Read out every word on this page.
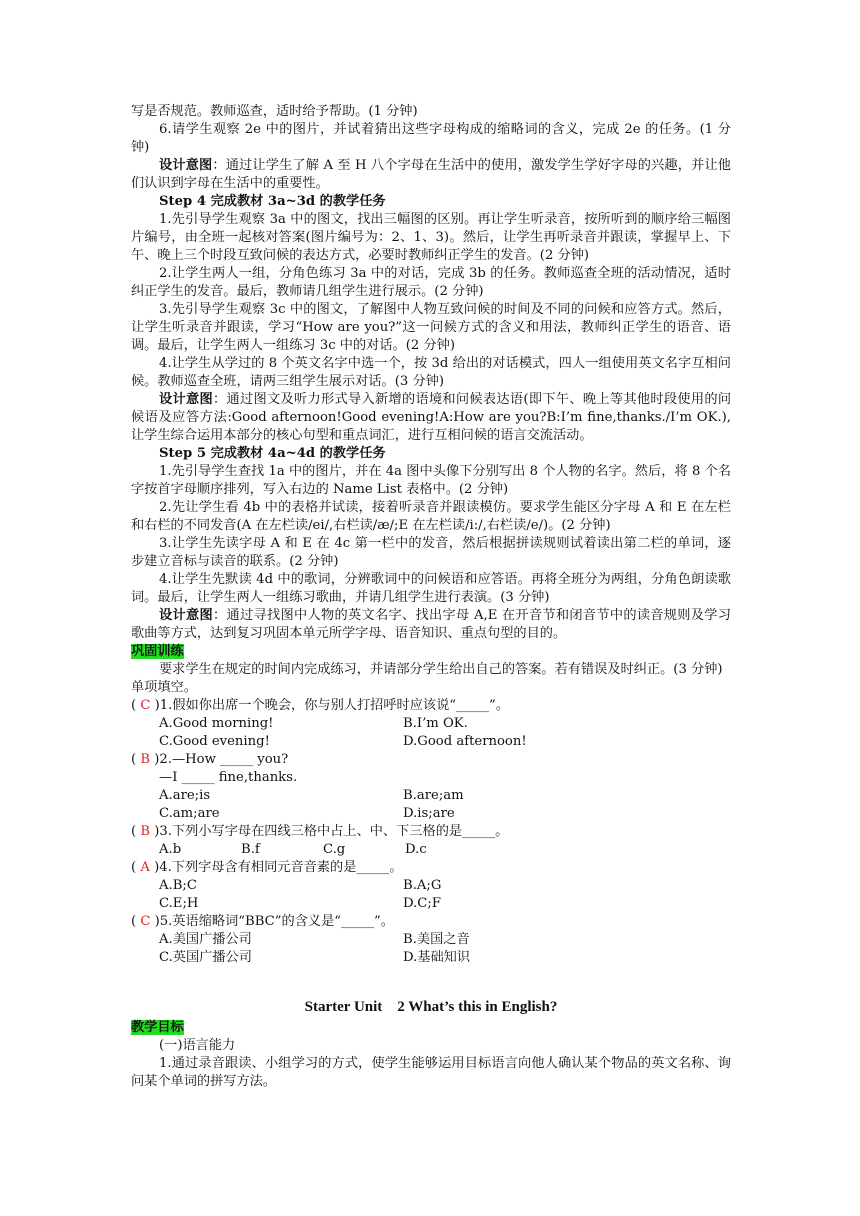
写是否规范。教师巡查，适时给予帮助。(1 分钟)

6.请学生观察 2e 中的图片，并试着猜出这些字母构成的缩略词的含义，完成 2e 的任务。(1 分钟)

设计意图：通过让学生了解 A 至 H 八个字母在生活中的使用，激发学生学好字母的兴趣，并让他们认识到字母在生活中的重要性。

Step 4 完成教材 3a~3d 的教学任务

1.先引导学生观察 3a 中的图文，找出三幅图的区别。再让学生听录音，按所听到的顺序给三幅图片编号，由全班一起核对答案(图片编号为：2、1、3)。然后，让学生再听录音并跟读，掌握早上、下午、晚上三个时段互致问候的表达方式，必要时教师纠正学生的发音。(2 分钟)

2.让学生两人一组，分角色练习 3a 中的对话，完成 3b 的任务。教师巡查全班的活动情况，适时纠正学生的发音。最后，教师请几组学生进行展示。(2 分钟)

3.先引导学生观察 3c 中的图文，了解图中人物互致问候的时间及不同的问候和应答方式。然后，让学生听录音并跟读，学习“How are you?”这一问候方式的含义和用法，教师纠正学生的语音、语调。最后，让学生两人一组练习 3c 中的对话。(2 分钟)

4.让学生从学过的 8 个英文名字中选一个，按 3d 给出的对话模式，四人一组使用英文名字互相问候。教师巡查全班，请两三组学生展示对话。(3 分钟)

设计意图：通过图文及听力形式导入新增的语境和问候表达语(即下午、晚上等其他时段使用的问候语及应答方法:Good afternoon!Good evening!A:How are you?B:I’m fine,thanks./I’m OK.),让学生综合运用本部分的核心句型和重点词汇，进行互相问候的语言交流活动。

Step 5 完成教材 4a~4d 的教学任务

1.先引导学生查找 1a 中的图片，并在 4a 图中头像下分别写出 8 个人物的名字。然后，将 8 个名字按首字母顺序排列，写入右边的 Name List 表格中。(2 分钟)

2.先让学生看 4b 中的表格并试读，接着听录音并跟读模仿。要求学生能区分字母 A 和 E 在左栏和右栏的不同发音(A 在左栏读/ei/,右栏读/æ/;E 在左栏读/i:/,右栏读/e/)。(2 分钟)

3.让学生先读字母 A 和 E 在 4c 第一栏中的发音，然后根据拼读规则试着读出第二栏的单词，逐步建立音标与读音的联系。(2 分钟)

4.让学生先默读 4d 中的歌词，分辨歌词中的问候语和应答语。再将全班分为两组，分角色朗读歌词。最后，让学生两人一组练习歌曲，并请几组学生进行表演。(3 分钟)

设计意图：通过寻找图中人物的英文名字、找出字母 A,E 在开音节和闭音节中的读音规则及学习歌曲等方式，达到复习巩固本单元所学字母、语音知识、重点句型的目的。

巩固训练

要求学生在规定的时间内完成练习，并请部分学生给出自己的答案。若有错误及时纠正。(3 分钟)

单项填空。

( C )1.假如你出席一个晚会，你与别人打招呼时应该说“_____”。

A.Good morning!	B.I’m OK.
C.Good evening!	D.Good afternoon!

( B )2.—How _____ you?

—I _____ fine,thanks.

A.are;is	B.are;am
C.am;are	D.is;are

( B )3.下列小写字母在四线三格中占上、中、下三格的是_____。

A.b	B.f	C.g	D.c

( A )4.下列字母含有相同元音音素的是_____。

A.B;C	B.A;G
C.E;H	D.C;F

( C )5.英语缩略词“BBC”的含义是“_____”。

A.美国广播公司	B.美国之音
C.英国广播公司	D.基础知识
Starter Unit　2 What’s this in English?

教学目标

(一)语言能力

1.通过录音跟读、小组学习的方式，使学生能够运用目标语言向他人确认某个物品的英文名称、询问某个单词的拼写方法。
